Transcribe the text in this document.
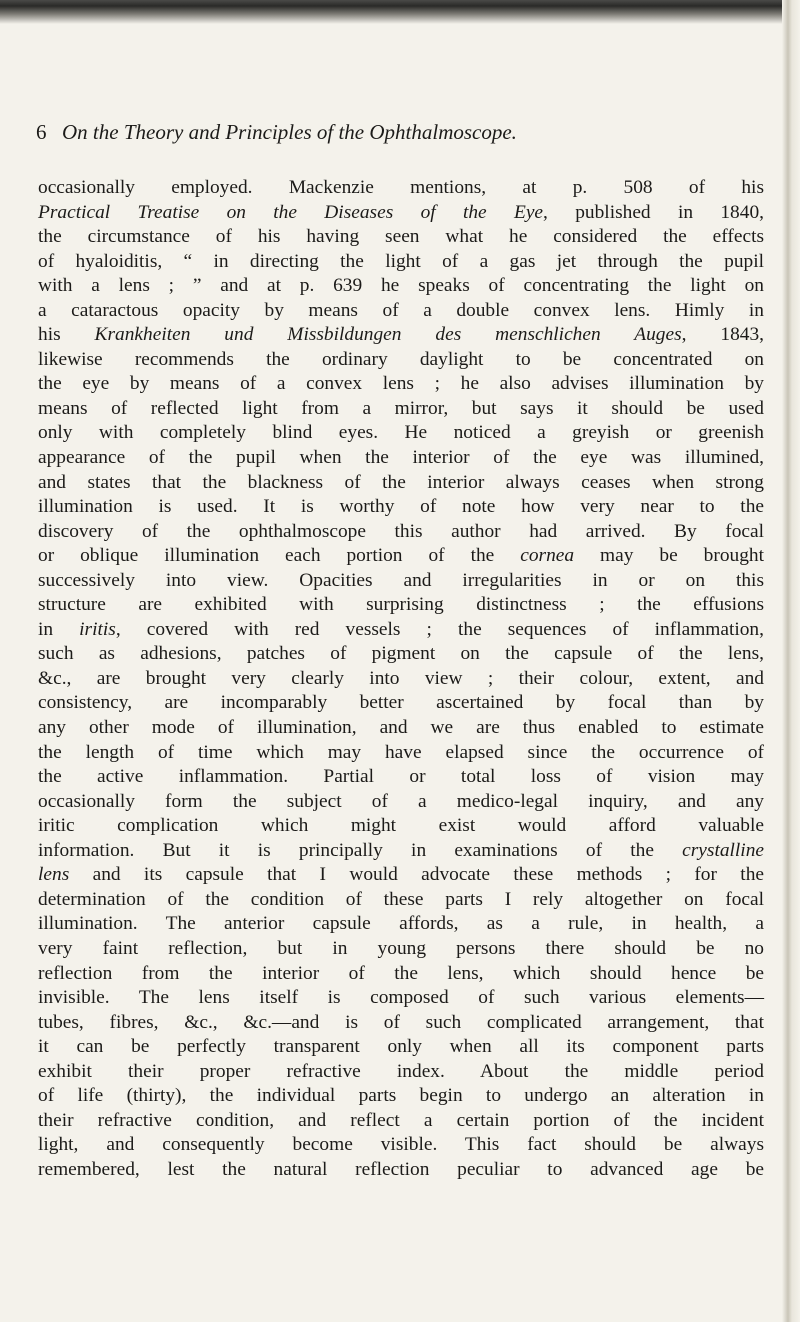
6 On the Theory and Principles of the Ophthalmoscope.
occasionally employed. Mackenzie mentions, at p. 508 of his
Practical Treatise on the Diseases of the Eye, published in 1840,
the circumstance of his having seen what he considered the effects
of hyaloiditis, “ in directing the light of a gas jet through the pupil
with a lens ; ” and at p. 639 he speaks of concentrating the light on
a cataractous opacity by means of a double convex lens. Himly in
his Krankheiten und Missbildungen des menschlichen Auges, 1843,
likewise recommends the ordinary daylight to be concentrated on
the eye by means of a convex lens ; he also advises illumination by
means of reflected light from a mirror, but says it should be used
only with completely blind eyes. He noticed a greyish or greenish
appearance of the pupil when the interior of the eye was illumined,
and states that the blackness of the interior always ceases when strong
illumination is used. It is worthy of note how very near to the
discovery of the ophthalmoscope this author had arrived. By focal
or oblique illumination each portion of the cornea may be brought
successively into view. Opacities and irregularities in or on this
structure are exhibited with surprising distinctness ; the effusions
in iritis, covered with red vessels ; the sequences of inflammation,
such as adhesions, patches of pigment on the capsule of the lens,
&c., are brought very clearly into view ; their colour, extent, and
consistency, are incomparably better ascertained by focal than by
any other mode of illumination, and we are thus enabled to estimate
the length of time which may have elapsed since the occurrence of
the active inflammation. Partial or total loss of vision may
occasionally form the subject of a medico-legal inquiry, and any
iritic complication which might exist would afford valuable
information. But it is principally in examinations of the crystalline
lens and its capsule that I would advocate these methods ; for the
determination of the condition of these parts I rely altogether on focal
illumination. The anterior capsule affords, as a rule, in health, a
very faint reflection, but in young persons there should be no
reflection from the interior of the lens, which should hence be
invisible. The lens itself is composed of such various elements—
tubes, fibres, &c., &c.—and is of such complicated arrangement, that
it can be perfectly transparent only when all its component parts
exhibit their proper refractive index. About the middle period
of life (thirty), the individual parts begin to undergo an alteration in
their refractive condition, and reflect a certain portion of the incident
light, and consequently become visible. This fact should be always
remembered, lest the natural reflection peculiar to advanced age be
